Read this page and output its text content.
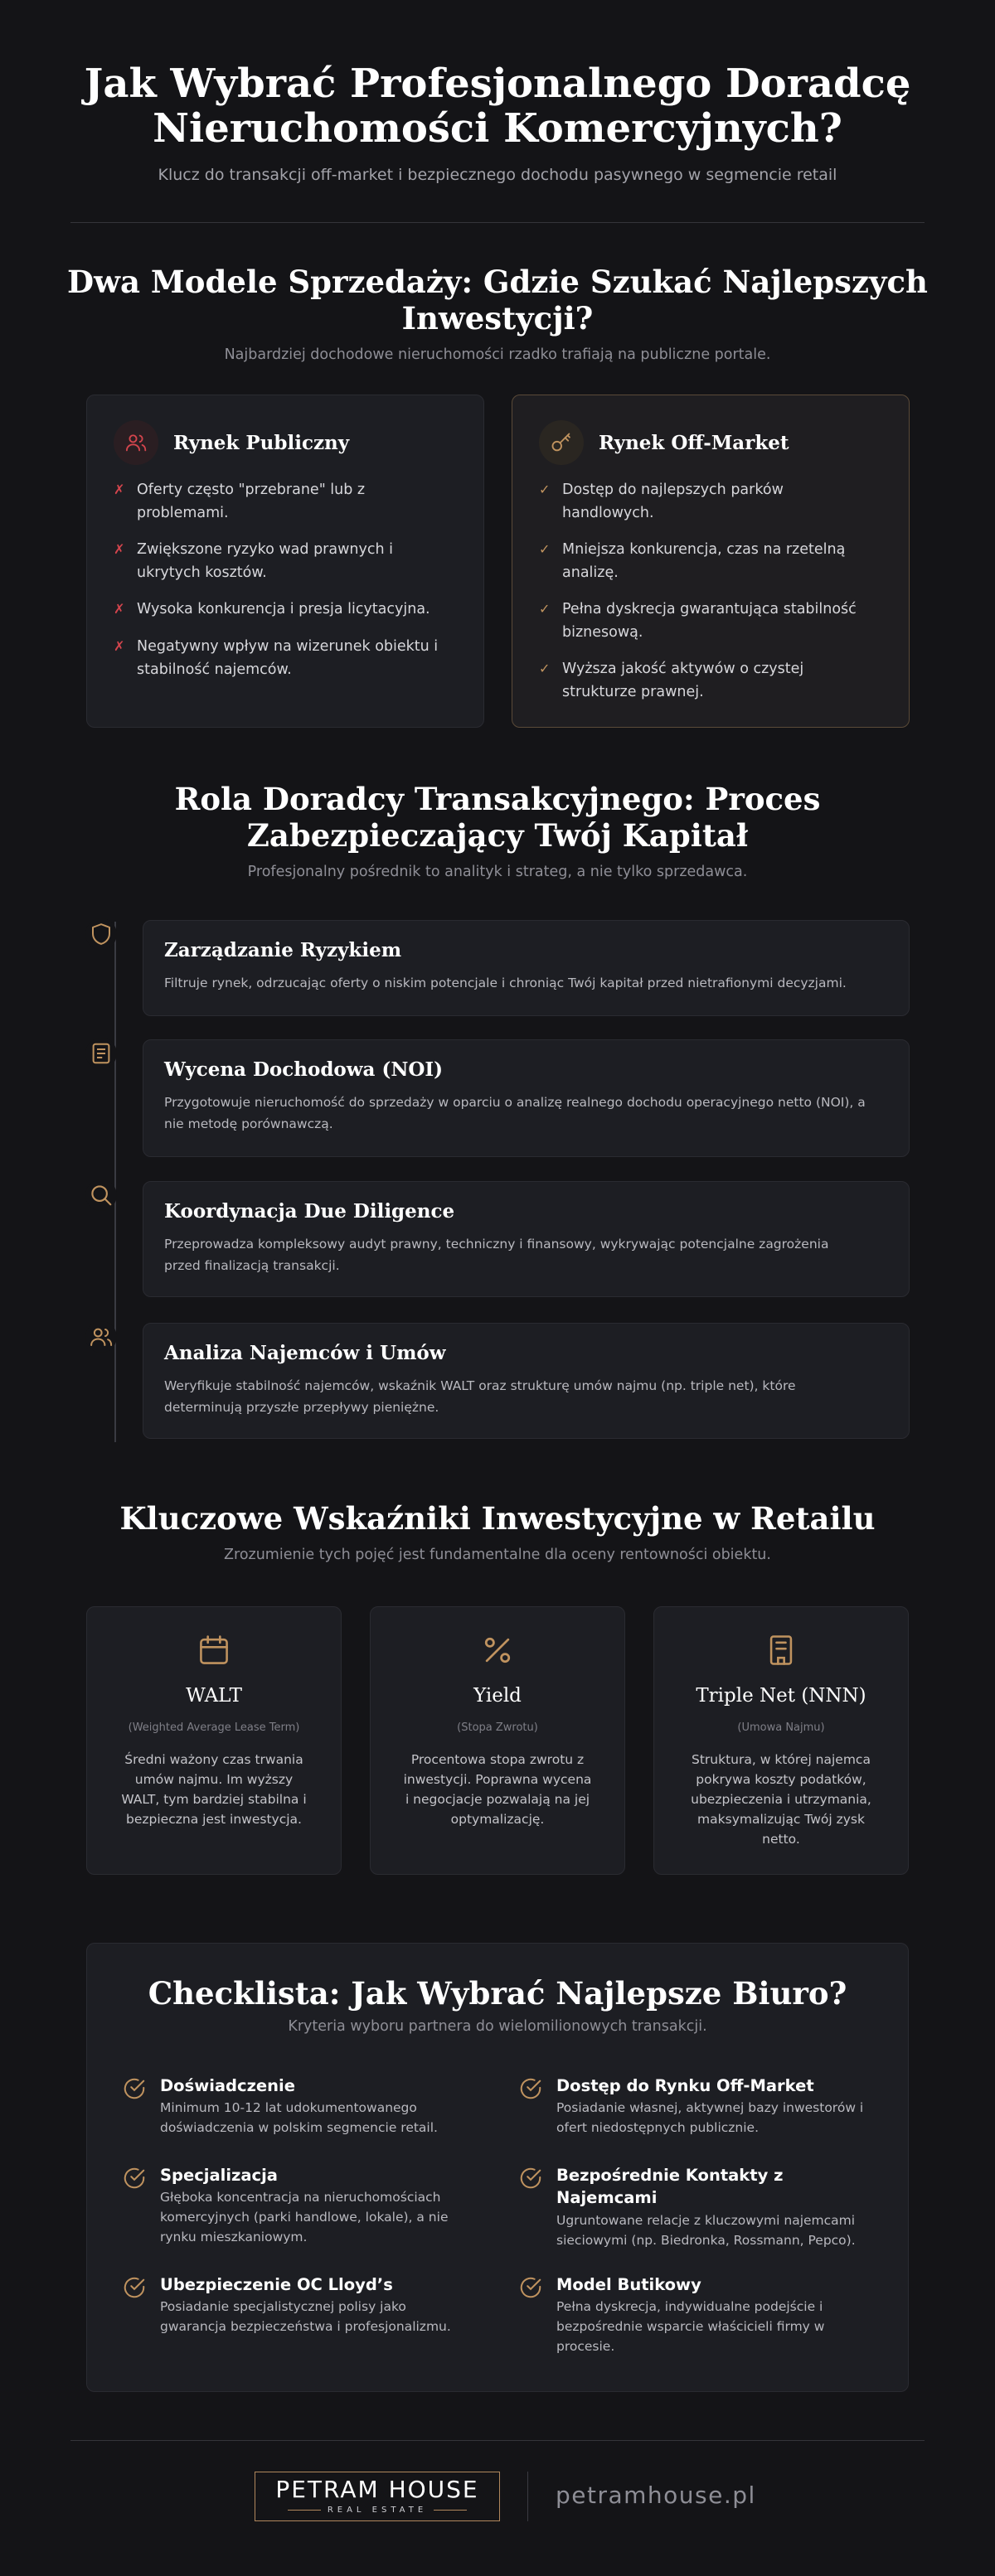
Jak Wybrać Profesjonalnego Doradcę
Nieruchomości Komercyjnych?
Klucz do transakcji off-market i bezpiecznego dochodu pasywnego w segmencie retail
Dwa Modele Sprzedaży: Gdzie Szukać Najlepszych
Inwestycji?
Najbardziej dochodowe nieruchomości rzadko trafiają na publiczne portale.
Rynek Publiczny
✗ Oferty często "przebrane" lub z
problemami.
✗ Zwiększone ryzyko wad prawnych i
ukrytych kosztów.
✗ Wysoka konkurencja i presja licytacyjna.
✗ Negatywny wpływ na wizerunek obiektu i
stabilność najemców.
Rynek Off-Market
✓ Dostęp do najlepszych parków
handlowych.
✓ Mniejsza konkurencja, czas na rzetelną
analizę.
✓ Pełna dyskrecja gwarantująca stabilność
biznesową.
✓ Wyższa jakość aktywów o czystej
strukturze prawnej.
Rola Doradcy Transakcyjnego: Proces
Zabezpieczający Twój Kapitał
Profesjonalny pośrednik to analityk i strateg, a nie tylko sprzedawca.
Zarządzanie Ryzykiem
Filtruje rynek, odrzucając oferty o niskim potencjale i chroniąc Twój kapitał przed nietrafionymi decyzjami.
Wycena Dochodowa (NOI)
Przygotowuje nieruchomość do sprzedaży w oparciu o analizę realnego dochodu operacyjnego netto (NOI), a
nie metodę porównawczą.
Koordynacja Due Diligence
Przeprowadza kompleksowy audyt prawny, techniczny i finansowy, wykrywając potencjalne zagrożenia
przed finalizacją transakcji.
Analiza Najemców i Umów
Weryfikuje stabilność najemców, wskaźnik WALT oraz strukturę umów najmu (np. triple net), które
determinują przyszłe przepływy pieniężne.
Kluczowe Wskaźniki Inwestycyjne w Retailu
Zrozumienie tych pojęć jest fundamentalne dla oceny rentowności obiektu.
WALT
(Weighted Average Lease Term)
Średni ważony czas trwania
umów najmu. Im wyższy
WALT, tym bardziej stabilna i
bezpieczna jest inwestycja.
Yield
(Stopa Zwrotu)
Procentowa stopa zwrotu z
inwestycji. Poprawna wycena
i negocjacje pozwalają na jej
optymalizację.
Triple Net (NNN)
(Umowa Najmu)
Struktura, w której najemca
pokrywa koszty podatków,
ubezpieczenia i utrzymania,
maksymalizując Twój zysk
netto.
Checklista: Jak Wybrać Najlepsze Biuro?
Kryteria wyboru partnera do wielomilionowych transakcji.
Doświadczenie
Minimum 10-12 lat udokumentowanego
doświadczenia w polskim segmencie retail.
Specjalizacja
Głęboka koncentracja na nieruchomościach
komercyjnych (parki handlowe, lokale), a nie
rynku mieszkaniowym.
Ubezpieczenie OC Lloyd’s
Posiadanie specjalistycznej polisy jako
gwarancja bezpieczeństwa i profesjonalizmu.
Dostęp do Rynku Off-Market
Posiadanie własnej, aktywnej bazy inwestorów i
ofert niedostępnych publicznie.
Bezpośrednie Kontakty z
Najemcami
Ugruntowane relacje z kluczowymi najemcami
sieciowymi (np. Biedronka, Rossmann, Pepco).
Model Butikowy
Pełna dyskrecja, indywidualne podejście i
bezpośrednie wsparcie właścicieli firmy w
procesie.
PETRAM HOUSE
REAL ESTATE
petramhouse.pl
